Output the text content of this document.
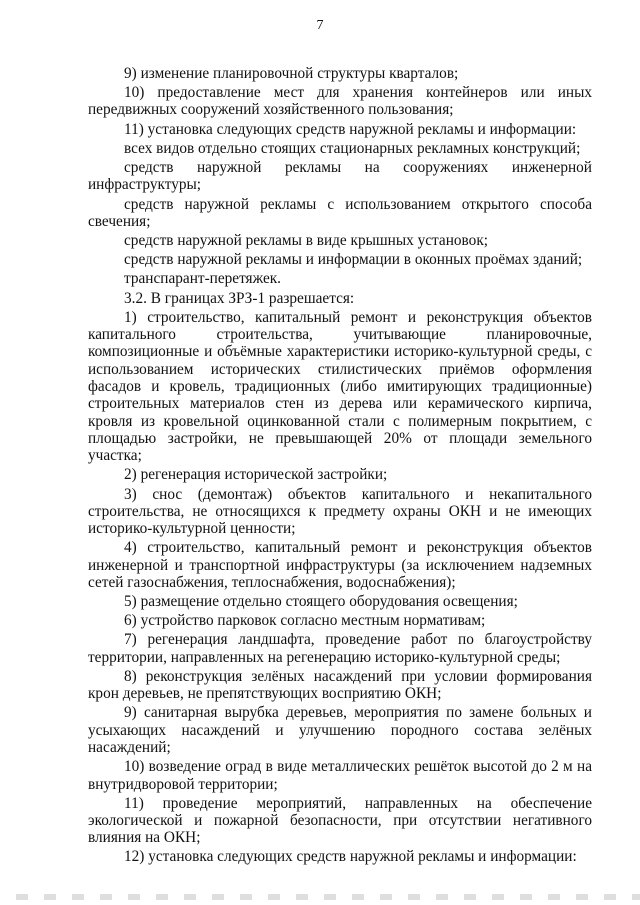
7

9) изменение планировочной структуры кварталов;

10) предоставление мест для хранения контейнеров или иных передвижных сооружений хозяйственного пользования;

11) установка следующих средств наружной рекламы и информации:

всех видов отдельно стоящих стационарных рекламных конструкций;

средств наружной рекламы на сооружениях инженерной инфраструктуры;

средств наружной рекламы с использованием открытого способа свечения;

средств наружной рекламы в виде крышных установок;

средств наружной рекламы и информации в оконных проёмах зданий;

транспарант-перетяжек.

3.2. В границах ЗРЗ-1 разрешается:

1) строительство, капитальный ремонт и реконструкция объектов капитального строительства, учитывающие планировочные, композиционные и объёмные характеристики историко-культурной среды, с использованием исторических стилистических приёмов оформления фасадов и кровель, традиционных (либо имитирующих традиционные) строительных материалов стен из дерева или керамического кирпича, кровля из кровельной оцинкованной стали с полимерным покрытием, с площадью застройки, не превышающей 20% от площади земельного участка;

2) регенерация исторической застройки;

3) снос (демонтаж) объектов капитального и некапитального строительства, не относящихся к предмету охраны ОКН и не имеющих историко-культурной ценности;

4) строительство, капитальный ремонт и реконструкция объектов инженерной и транспортной инфраструктуры (за исключением надземных сетей газоснабжения, теплоснабжения, водоснабжения);

5) размещение отдельно стоящего оборудования освещения;

6) устройство парковок согласно местным нормативам;

7) регенерация ландшафта, проведение работ по благоустройству территории, направленных на регенерацию историко-культурной среды;

8) реконструкция зелёных насаждений при условии формирования крон деревьев, не препятствующих восприятию ОКН;

9) санитарная вырубка деревьев, мероприятия по замене больных и усыхающих насаждений и улучшению породного состава зелёных насаждений;

10) возведение оград в виде металлических решёток высотой до 2 м на внутридворовой территории;

11) проведение мероприятий, направленных на обеспечение экологической и пожарной безопасности, при отсутствии негативного влияния на ОКН;

12) установка следующих средств наружной рекламы и информации:
